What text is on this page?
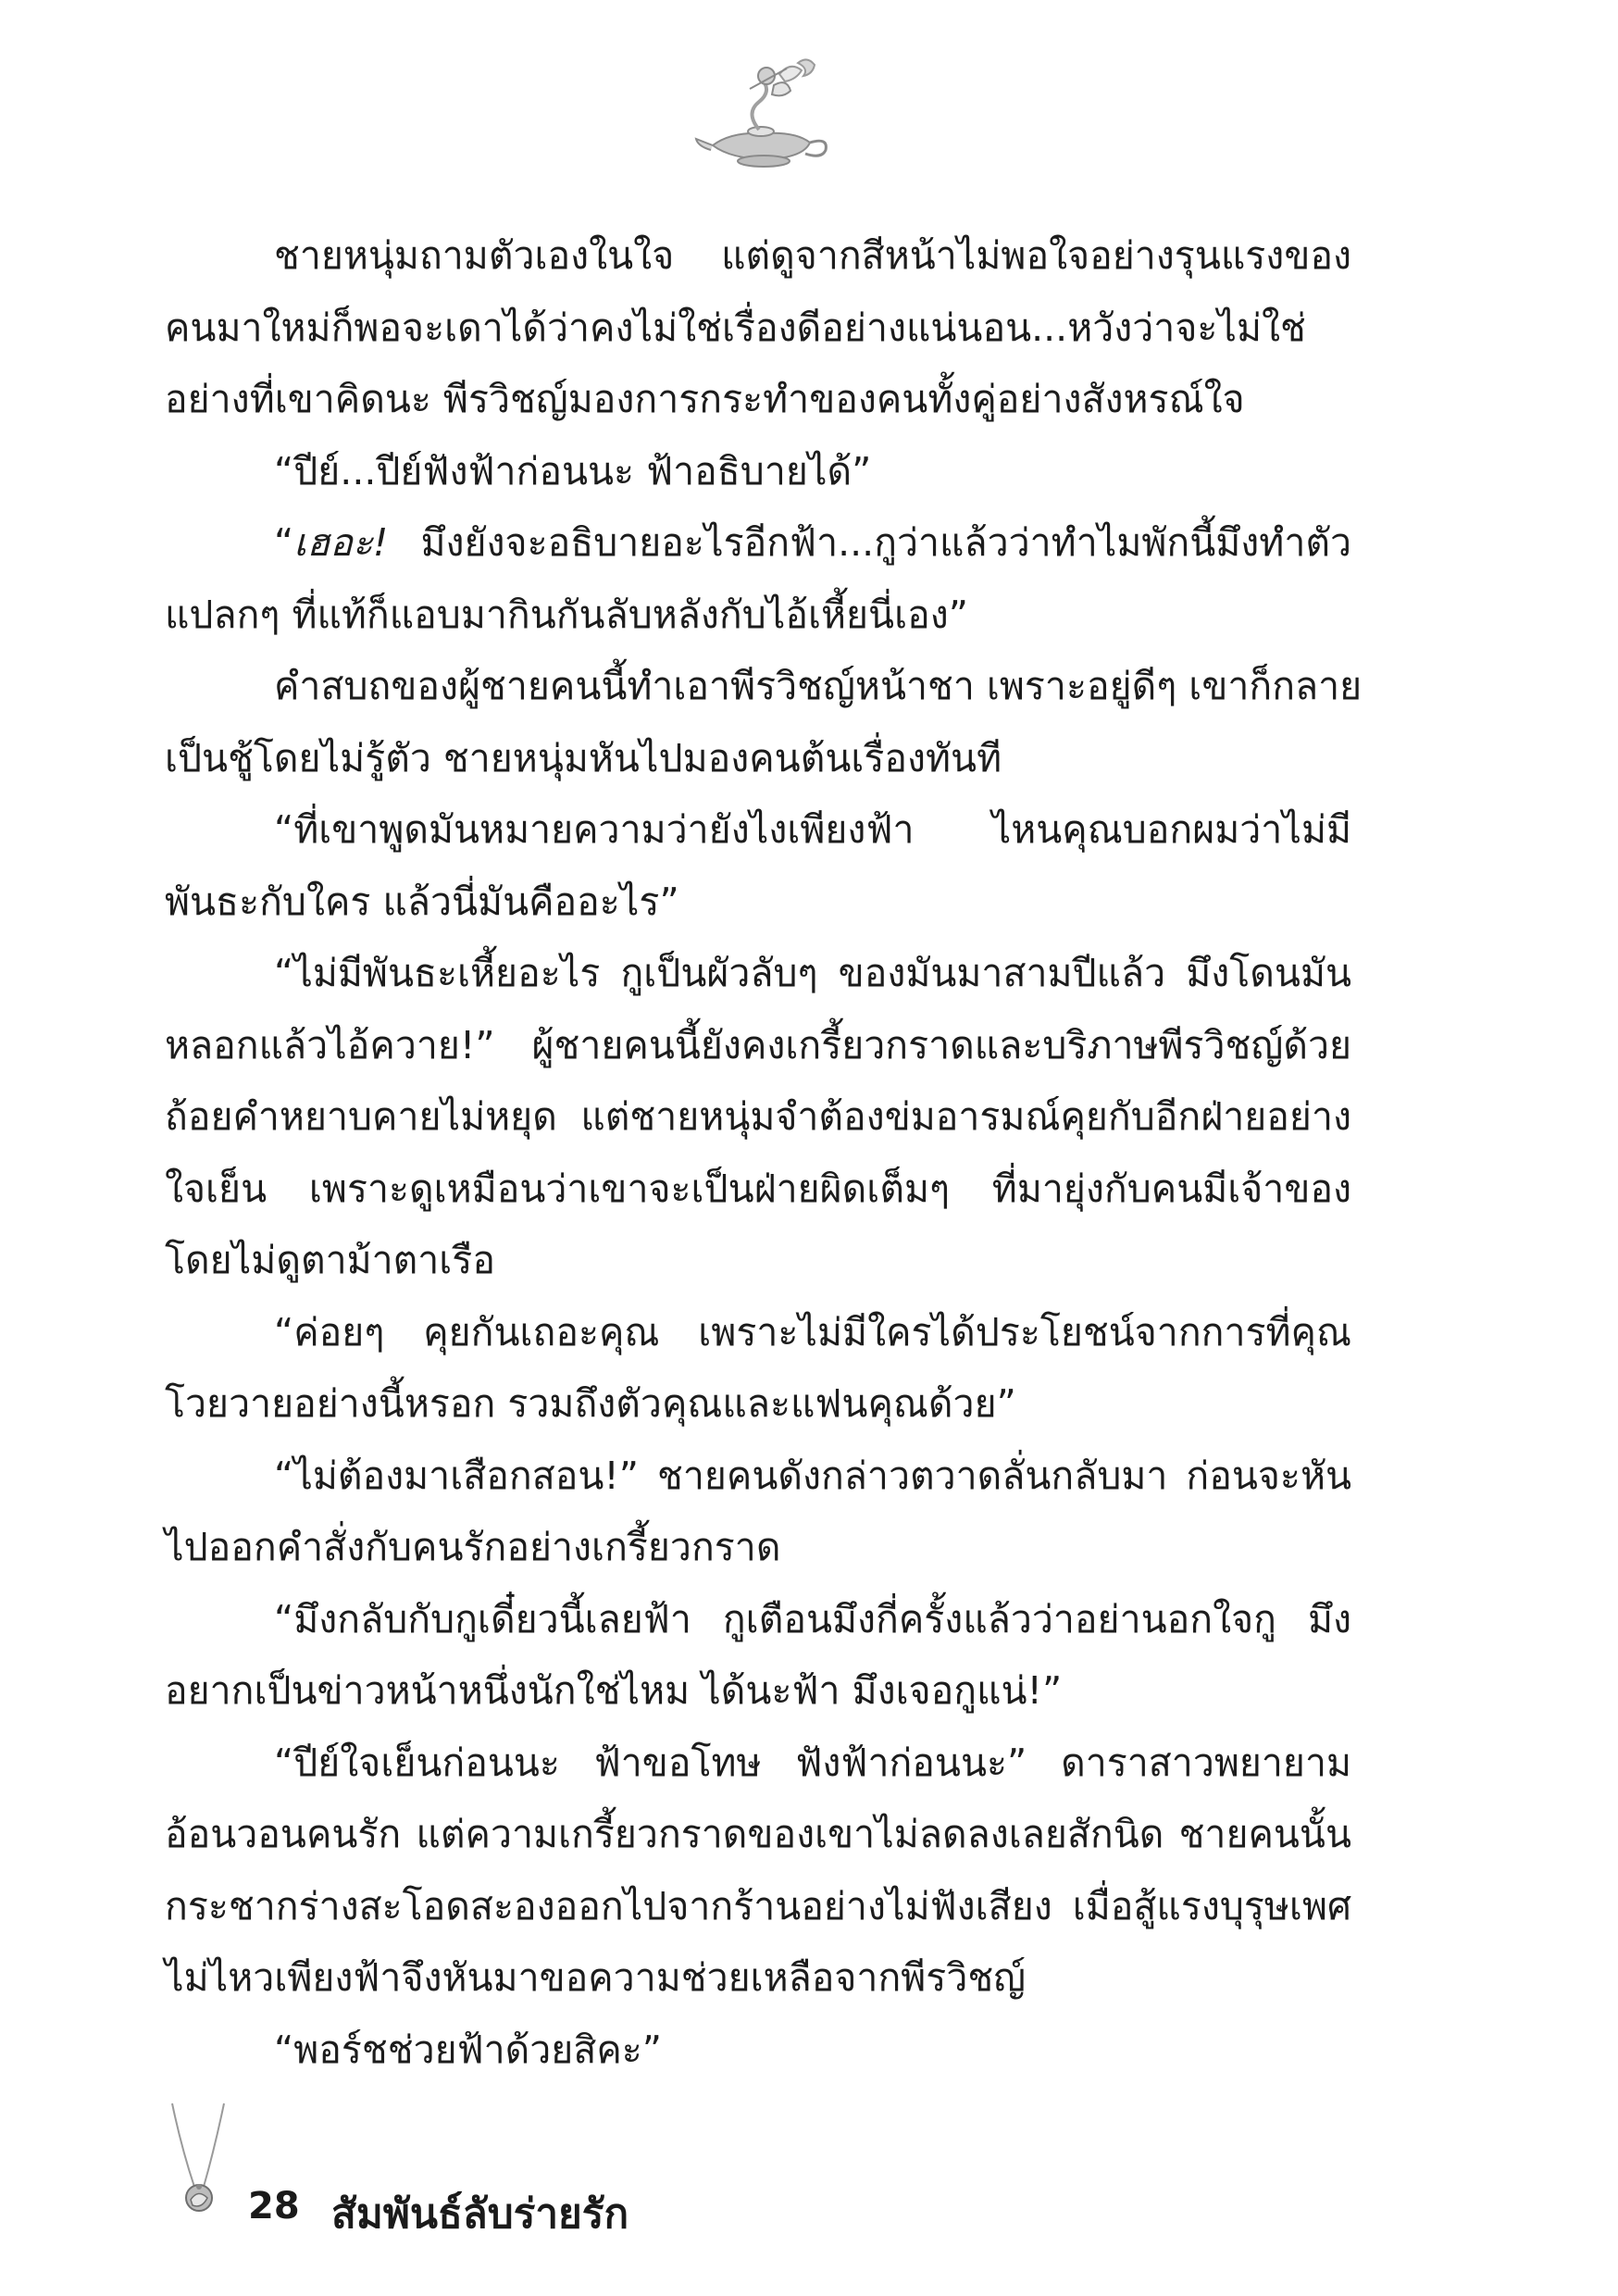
ชายหนุ่มถามตัวเองในใจ แต่ดูจากสีหน้าไม่พอใจอย่างรุนแรงของ
คนมาใหม่ก็พอจะเดาได้ว่าคงไม่ใช่เรื่องดีอย่างแน่นอน...หวังว่าจะไม่ใช่
อย่างที่เขาคิดนะ พีรวิชญ์มองการกระทำของคนทั้งคู่อย่างสังหรณ์ใจ
“ปีย์...ปีย์ฟังฟ้าก่อนนะ ฟ้าอธิบายได้”
“เฮอะ! มึงยังจะอธิบายอะไรอีกฟ้า...กูว่าแล้วว่าทำไมพักนี้มึงทำตัว
แปลกๆ ที่แท้ก็แอบมากินกันลับหลังกับไอ้เหี้ยนี่เอง”
คำสบถของผู้ชายคนนี้ทำเอาพีรวิชญ์หน้าชา เพราะอยู่ดีๆ เขาก็กลาย
เป็นชู้โดยไม่รู้ตัว ชายหนุ่มหันไปมองคนต้นเรื่องทันที
“ที่เขาพูดมันหมายความว่ายังไงเพียงฟ้า ไหนคุณบอกผมว่าไม่มี
พันธะกับใคร แล้วนี่มันคืออะไร”
“ไม่มีพันธะเหี้ยอะไร กูเป็นผัวลับๆ ของมันมาสามปีแล้ว มึงโดนมัน
หลอกแล้วไอ้ควาย!” ผู้ชายคนนี้ยังคงเกรี้ยวกราดและบริภาษพีรวิชญ์ด้วย
ถ้อยคำหยาบคายไม่หยุด แต่ชายหนุ่มจำต้องข่มอารมณ์คุยกับอีกฝ่ายอย่าง
ใจเย็น เพราะดูเหมือนว่าเขาจะเป็นฝ่ายผิดเต็มๆ ที่มายุ่งกับคนมีเจ้าของ
โดยไม่ดูตาม้าตาเรือ
“ค่อยๆ คุยกันเถอะคุณ เพราะไม่มีใครได้ประโยชน์จากการที่คุณ
โวยวายอย่างนี้หรอก รวมถึงตัวคุณและแฟนคุณด้วย”
“ไม่ต้องมาเสือกสอน!” ชายคนดังกล่าวตวาดลั่นกลับมา ก่อนจะหัน
ไปออกคำสั่งกับคนรักอย่างเกรี้ยวกราด
“มึงกลับกับกูเดี๋ยวนี้เลยฟ้า กูเตือนมึงกี่ครั้งแล้วว่าอย่านอกใจกู มึง
อยากเป็นข่าวหน้าหนึ่งนักใช่ไหม ได้นะฟ้า มึงเจอกูแน่!”
“ปีย์ใจเย็นก่อนนะ ฟ้าขอโทษ ฟังฟ้าก่อนนะ” ดาราสาวพยายาม
อ้อนวอนคนรัก แต่ความเกรี้ยวกราดของเขาไม่ลดลงเลยสักนิด ชายคนนั้น
กระชากร่างสะโอดสะองออกไปจากร้านอย่างไม่ฟังเสียง เมื่อสู้แรงบุรุษเพศ
ไม่ไหวเพียงฟ้าจึงหันมาขอความช่วยเหลือจากพีรวิชญ์
“พอร์ชช่วยฟ้าด้วยสิคะ”
28 สัมพันธ์ลับร่ายรัก
